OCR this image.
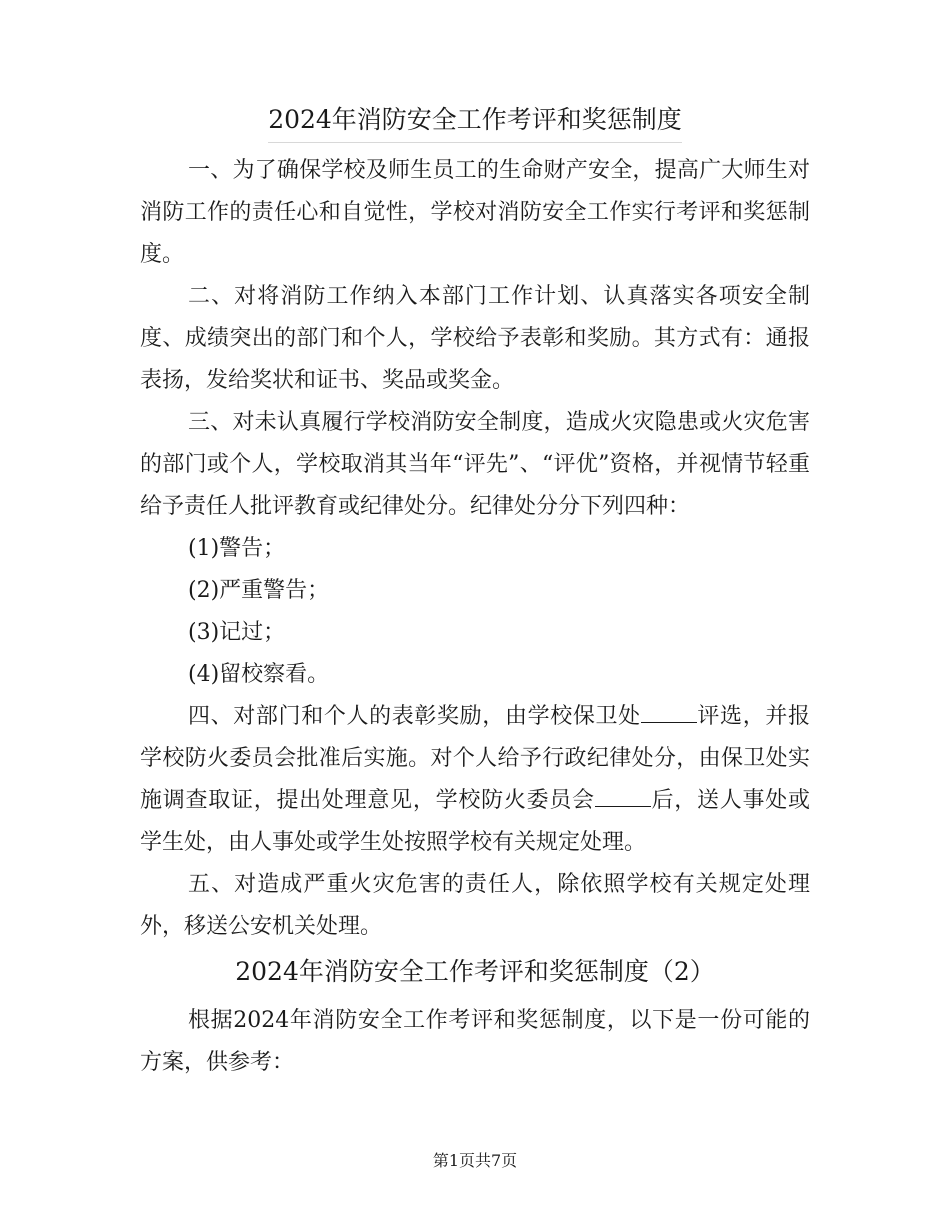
2024年消防安全工作考评和奖惩制度

一、为了确保学校及师生员工的生命财产安全，提高广大师生对消防工作的责任心和自觉性，学校对消防安全工作实行考评和奖惩制度。

二、对将消防工作纳入本部门工作计划、认真落实各项安全制度、成绩突出的部门和个人，学校给予表彰和奖励。其方式有：通报表扬，发给奖状和证书、奖品或奖金。

三、对未认真履行学校消防安全制度，造成火灾隐患或火灾危害的部门或个人，学校取消其当年“评先”、“评优”资格，并视情节轻重给予责任人批评教育或纪律处分。纪律处分分下列四种：

(1)警告；
(2)严重警告；
(3)记过；
(4)留校察看。

四、对部门和个人的表彰奖励，由学校保卫处	评选，并报学校防火委员会批准后实施。对个人给予行政纪律处分，由保卫处实施调查取证，提出处理意见，学校防火委员会	后，送人事处或学生处，由人事处或学生处按照学校有关规定处理。

五、对造成严重火灾危害的责任人，除依照学校有关规定处理外，移送公安机关处理。

2024年消防安全工作考评和奖惩制度（2）

根据2024年消防安全工作考评和奖惩制度，以下是一份可能的方案，供参考：

第1页共7页
